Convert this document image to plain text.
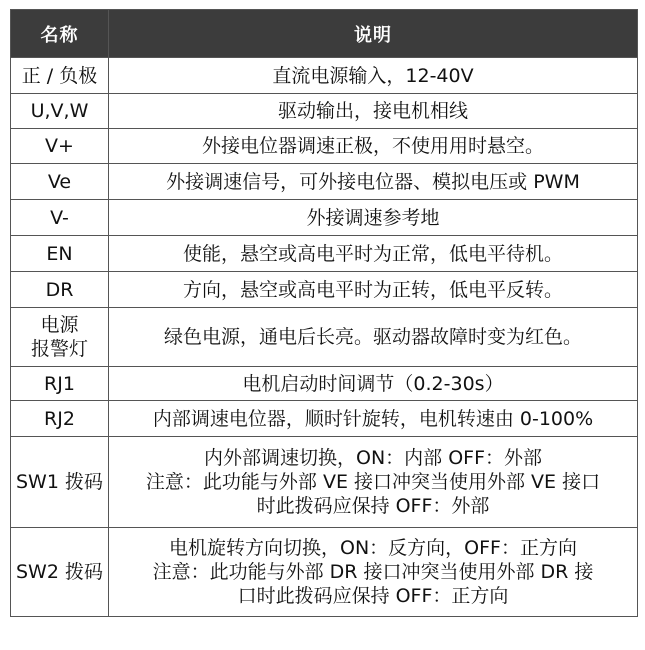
名称	说明
正 / 负极	直流电源输入，12-40V
U,V,W	驱动输出，接电机相线
V+	外接电位器调速正极，不使用用时悬空。
Ve	外接调速信号，可外接电位器、模拟电压或 PWM
V-	外接调速参考地
EN	使能，悬空或高电平时为正常，低电平待机。
DR	方向，悬空或高电平时为正转，低电平反转。
电源
报警灯	绿色电源，通电后长亮。驱动器故障时变为红色。
RJ1	电机启动时间调节（0.2-30s）
RJ2	内部调速电位器，顺时针旋转，电机转速由 0-100%
SW1 拨码	内外部调速切换，ON：内部 OFF：外部
注意：此功能与外部 VE 接口冲突当使用外部 VE 接口
时此拨码应保持 OFF：外部
SW2 拨码	电机旋转方向切换，ON：反方向，OFF：正方向
注意：此功能与外部 DR 接口冲突当使用外部 DR 接
口时此拨码应保持 OFF：正方向
